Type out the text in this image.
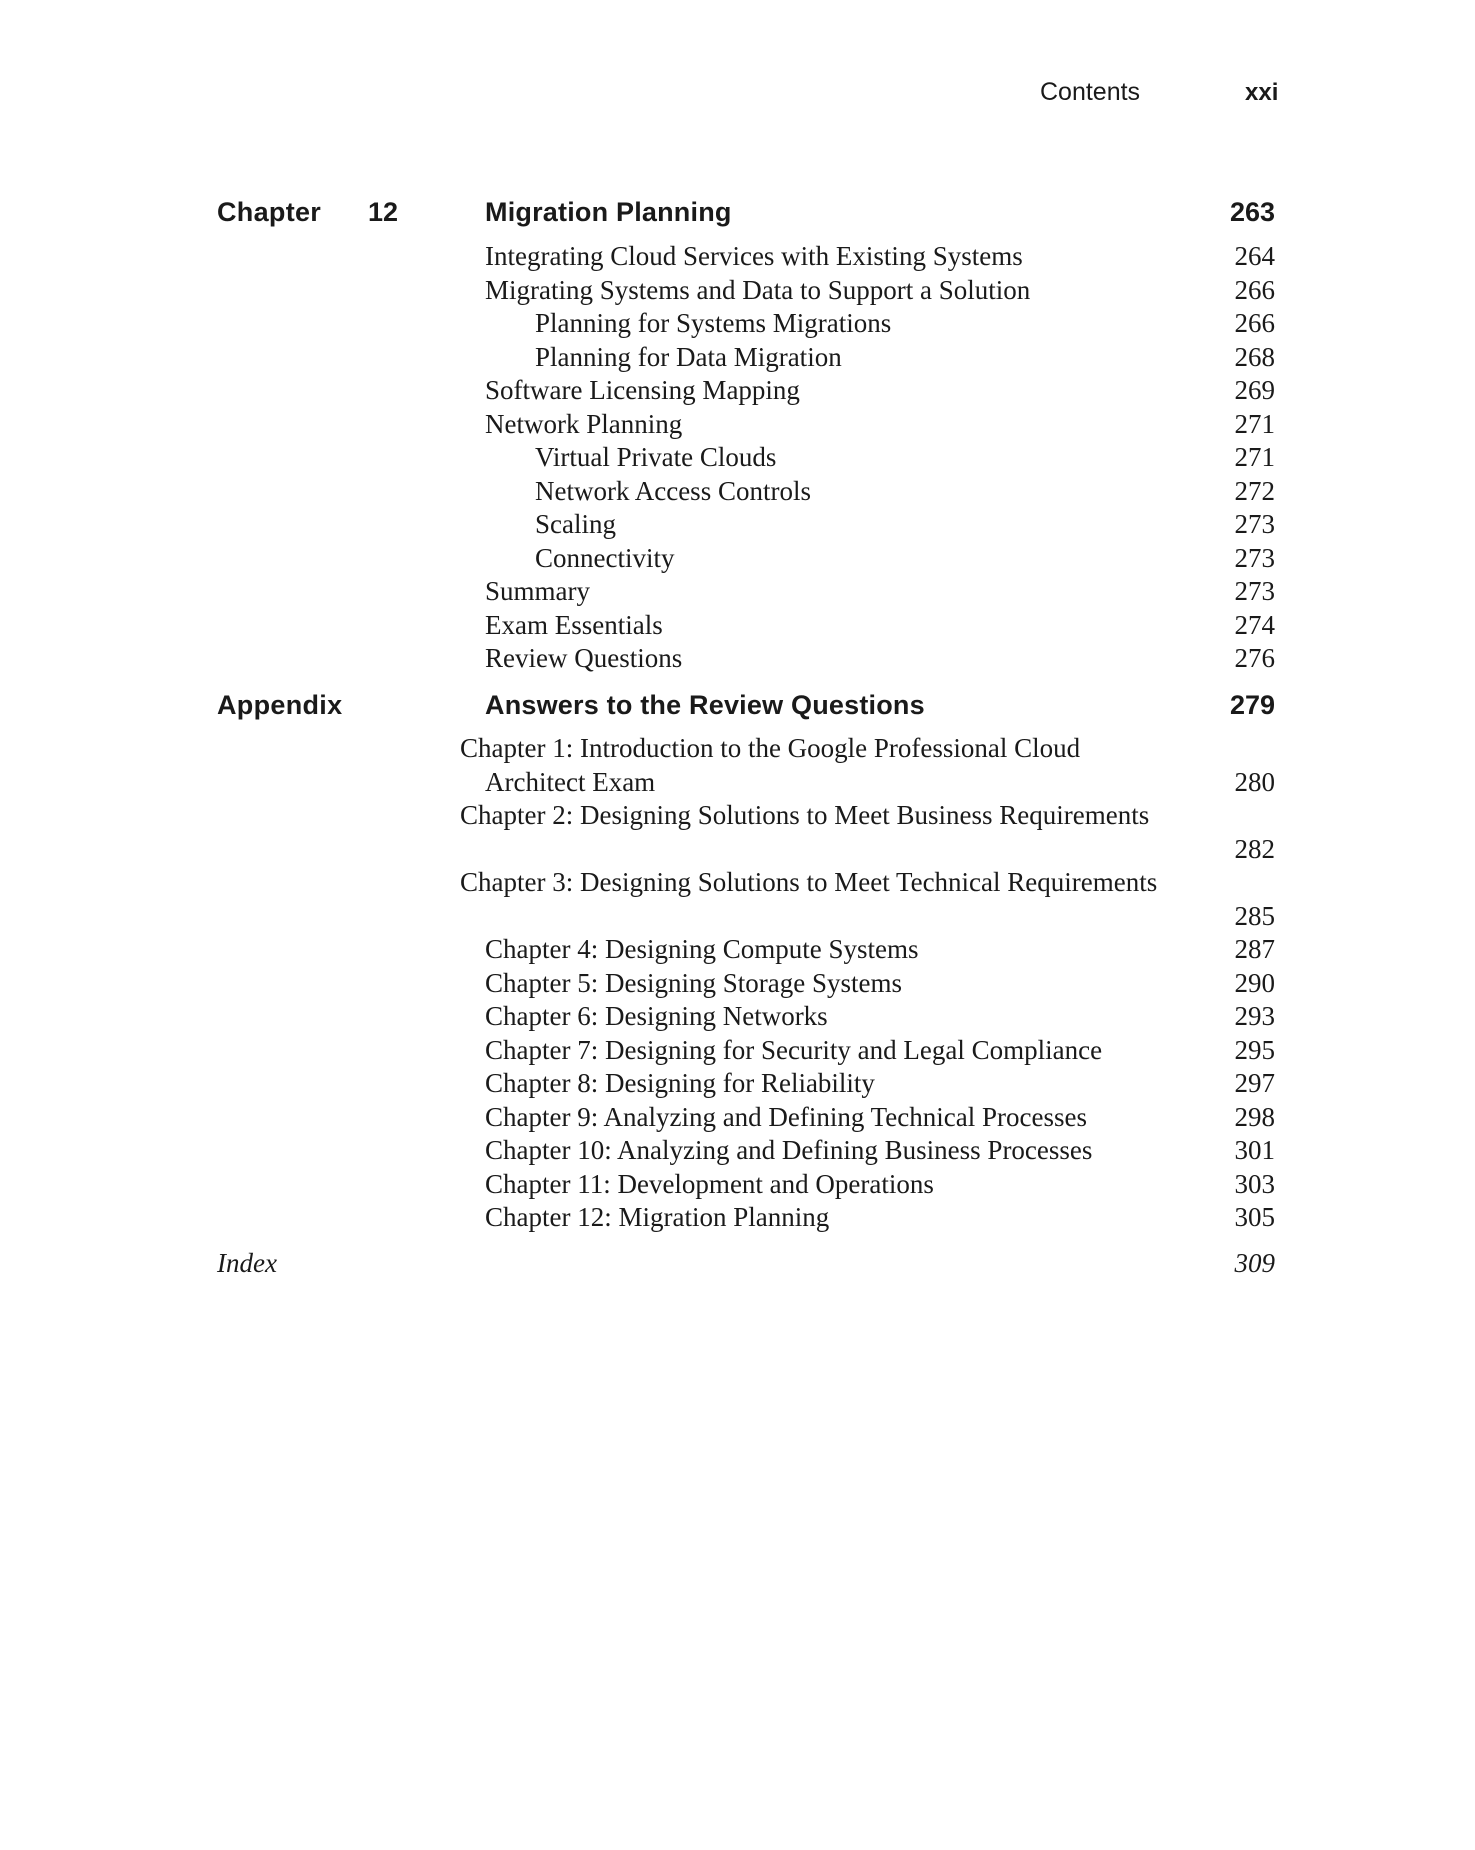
Contents	xxi
Chapter 12	Migration Planning	263
Integrating Cloud Services with Existing Systems	264
Migrating Systems and Data to Support a Solution	266
Planning for Systems Migrations	266
Planning for Data Migration	268
Software Licensing Mapping	269
Network Planning	271
Virtual Private Clouds	271
Network Access Controls	272
Scaling	273
Connectivity	273
Summary	273
Exam Essentials	274
Review Questions	276
Appendix	Answers to the Review Questions	279
Chapter 1: Introduction to the Google Professional Cloud Architect Exam	280
Chapter 2: Designing Solutions to Meet Business Requirements
282
Chapter 3: Designing Solutions to Meet Technical Requirements
285
Chapter 4: Designing Compute Systems	287
Chapter 5: Designing Storage Systems	290
Chapter 6: Designing Networks	293
Chapter 7: Designing for Security and Legal Compliance	295
Chapter 8: Designing for Reliability	297
Chapter 9: Analyzing and Defining Technical Processes	298
Chapter 10: Analyzing and Defining Business Processes	301
Chapter 11: Development and Operations	303
Chapter 12: Migration Planning	305
Index	309
